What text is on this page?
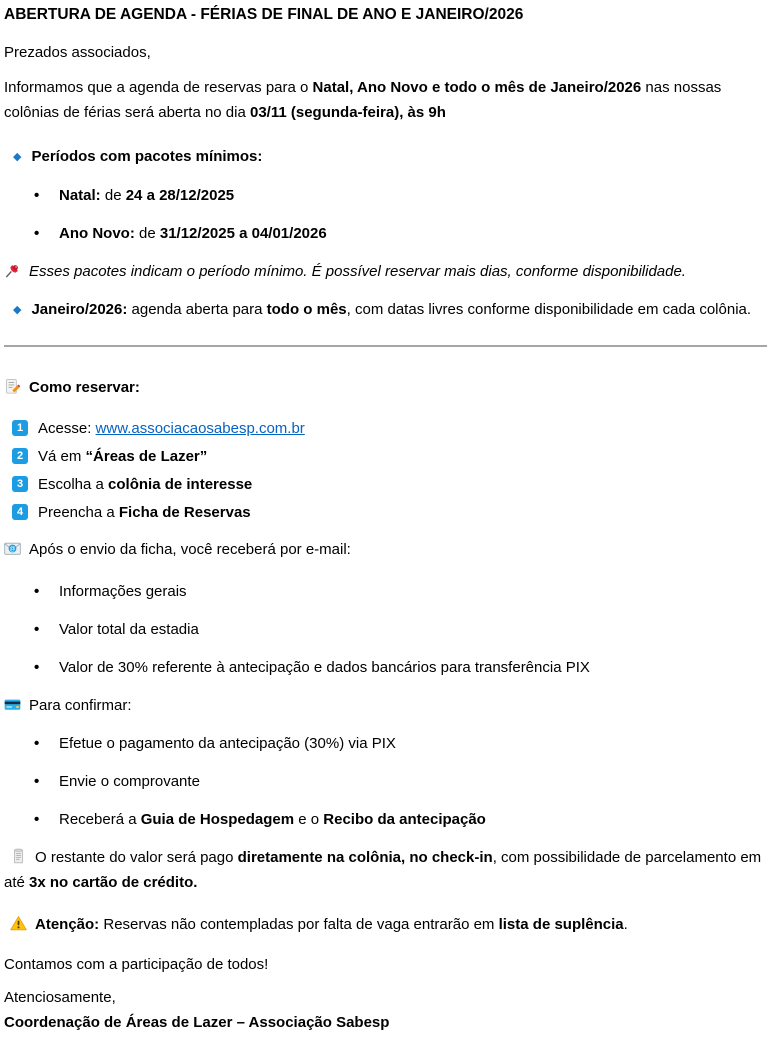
ABERTURA DE AGENDA - FÉRIAS DE FINAL DE ANO E JANEIRO/2026

Prezados associados,

Informamos que a agenda de reservas para o Natal, Ano Novo e todo o mês de Janeiro/2026 nas nossas colônias de férias será aberta no dia 03/11 (segunda-feira), às 9h

◆ Períodos com pacotes mínimos:

• Natal: de 24 a 28/12/2025
• Ano Novo: de 31/12/2025 a 04/01/2026

Esses pacotes indicam o período mínimo. É possível reservar mais dias, conforme disponibilidade.

◆ Janeiro/2026: agenda aberta para todo o mês, com datas livres conforme disponibilidade em cada colônia.

Como reservar:

1 Acesse: www.associacaosabesp.com.br
2 Vá em “Áreas de Lazer”
3 Escolha a colônia de interesse
4 Preencha a Ficha de Reservas

@ Após o envio da ficha, você receberá por e-mail:

• Informações gerais
• Valor total da estadia
• Valor de 30% referente à antecipação e dados bancários para transferência PIX

Para confirmar:

• Efetue o pagamento da antecipação (30%) via PIX
• Envie o comprovante
• Receberá a Guia de Hospedagem e o Recibo da antecipação

O restante do valor será pago diretamente na colônia, no check-in, com possibilidade de parcelamento em até 3x no cartão de crédito.

Atenção: Reservas não contempladas por falta de vaga entrarão em lista de suplência.

Contamos com a participação de todos!

Atenciosamente,

Coordenação de Áreas de Lazer – Associação Sabesp
